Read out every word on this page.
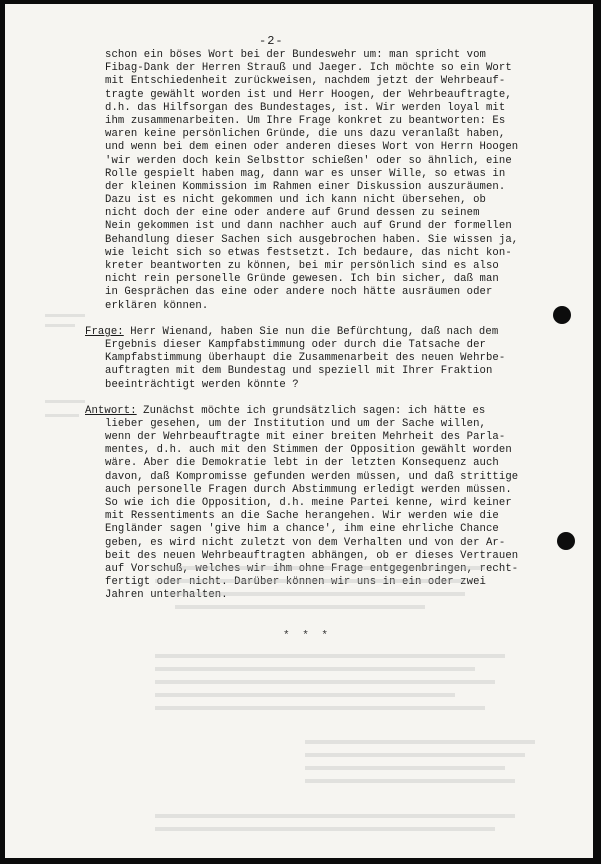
-2-
schon ein böses Wort bei der Bundeswehr um: man spricht vom
Fibag-Dank der Herren Strauß und Jaeger. Ich möchte so ein Wort
mit Entschiedenheit zurückweisen, nachdem jetzt der Wehrbeauf-
tragte gewählt worden ist und Herr Hoogen, der Wehrbeauftragte,
d.h. das Hilfsorgan des Bundestages, ist. Wir werden loyal mit
ihm zusammenarbeiten. Um Ihre Frage konkret zu beantworten: Es
waren keine persönlichen Gründe, die uns dazu veranlaßt haben,
und wenn bei dem einen oder anderen dieses Wort von Herrn Hoogen
'wir werden doch kein Selbsttor schießen' oder so ähnlich, eine
Rolle gespielt haben mag, dann war es unser Wille, so etwas in
der kleinen Kommission im Rahmen einer Diskussion auszuräumen.
Dazu ist es nicht gekommen und ich kann nicht übersehen, ob
nicht doch der eine oder andere auf Grund dessen zu seinem
Nein gekommen ist und dann nachher auch auf Grund der formellen
Behandlung dieser Sachen sich ausgebrochen haben. Sie wissen ja,
wie leicht sich so etwas festsetzt. Ich bedaure, das nicht kon-
kreter beantworten zu können, bei mir persönlich sind es also
nicht rein personelle Gründe gewesen. Ich bin sicher, daß man
in Gesprächen das eine oder andere noch hätte ausräumen oder
erklären können.
Frage: Herr Wienand, haben Sie nun die Befürchtung, daß nach dem
Ergebnis dieser Kampfabstimmung oder durch die Tatsache der
Kampfabstimmung überhaupt die Zusammenarbeit des neuen Wehrbe-
auftragten mit dem Bundestag und speziell mit Ihrer Fraktion
beeinträchtigt werden könnte ?
Antwort: Zunächst möchte ich grundsätzlich sagen: ich hätte es
lieber gesehen, um der Institution und um der Sache willen,
wenn der Wehrbeauftragte mit einer breiten Mehrheit des Parla-
mentes, d.h. auch mit den Stimmen der Opposition gewählt worden
wäre. Aber die Demokratie lebt in der letzten Konsequenz auch
davon, daß Kompromisse gefunden werden müssen, und daß strittige
auch personelle Fragen durch Abstimmung erledigt werden müssen.
So wie ich die Opposition, d.h. meine Partei kenne, wird keiner
mit Ressentiments an die Sache herangehen. Wir werden wie die
Engländer sagen 'give him a chance', ihm eine ehrliche Chance
geben, es wird nicht zuletzt von dem Verhalten und von der Ar-
beit des neuen Wehrbeauftragten abhängen, ob er dieses Vertrauen
auf Vorschuß, welches wir ihm ohne Frage entgegenbringen, recht-
fertigt oder nicht. Darüber können wir uns in ein oder zwei
Jahren unterhalten.
* * *
